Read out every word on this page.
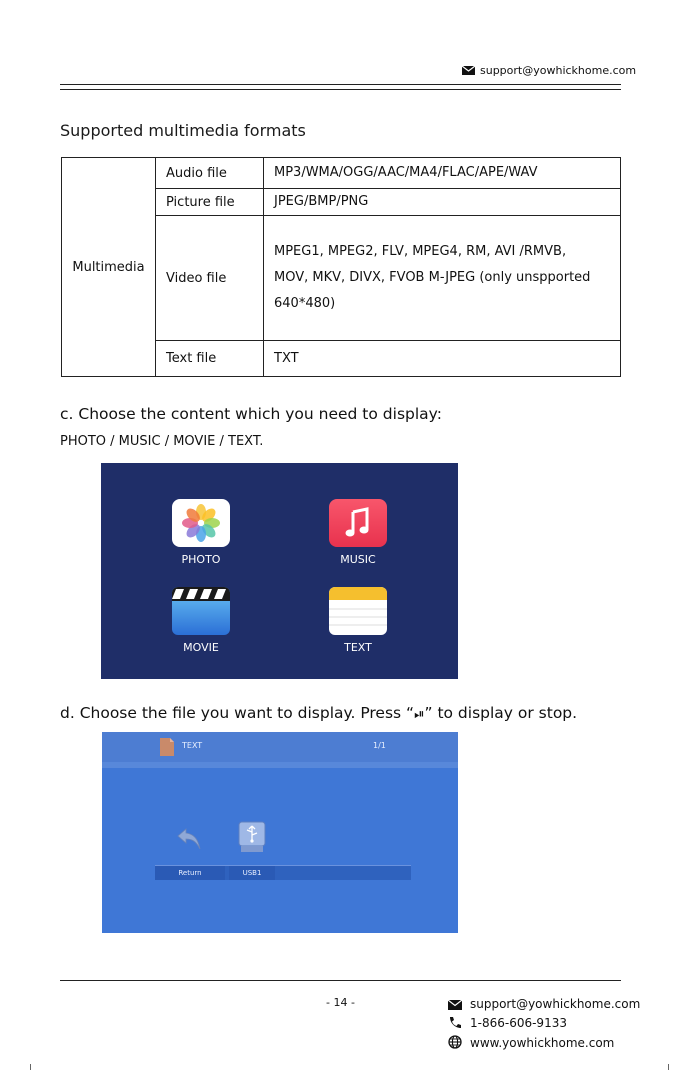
support@yowhickhome.com
Supported multimedia formats
Multimedia	Audio file	MP3/WMA/OGG/AAC/MA4/FLAC/APE/WAV
	Picture file	JPEG/BMP/PNG
	Video file	MPEG1, MPEG2, FLV, MPEG4, RM, AVI /RMVB,
MOV, MKV, DIVX, FVOB M-JPEG (only unspported
640*480)

	Text file	TXT
c. Choose the content which you need to display:
PHOTO / MUSIC / MOVIE / TEXT.
PHOTO	MUSIC
MOVIE	TEXT
d. Choose the file you want to display. Press “⏯” to display or stop.
TEXT	1/1
Return	USB1
- 14 -	support@yowhickhome.com
1-866-606-9133
www.yowhickhome.com
